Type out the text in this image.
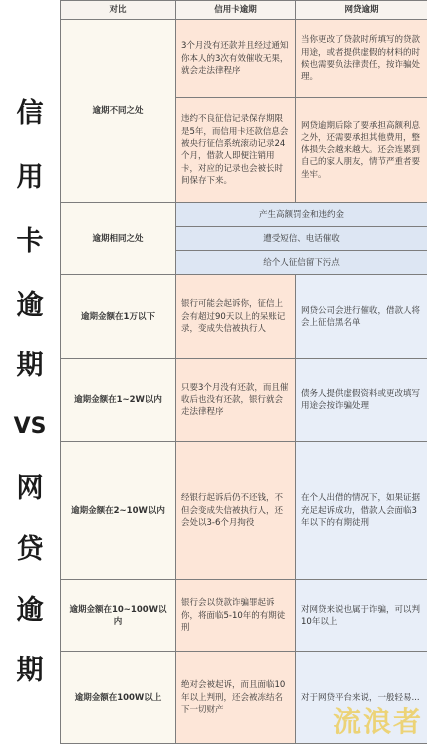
信
用
卡
逾
期
VS
网
贷
逾
期
对比	信用卡逾期	网贷逾期
逾期不同之处	3个月没有还款并且经过通知你本人的3次有效催收无果，就会走法律程序	当你更改了贷款时所填写的贷款用途，或者提供虚假的材料的时候也需要负法律责任，按诈骗处理。
	违约不良征信记录保存期限是5年，而信用卡还款信息会被央行征信系统滚动记录24个月，借款人即便注销用卡，对应的记录也会被长时间保存下来。	网贷逾期后除了要承担高额利息之外，还需要承担其他费用，整体损失会越来越大。还会连累到自己的家人朋友，情节严重者要坐牢。
逾期相同之处	产生高额罚金和违约金	
	遭受短信、电话催收	
	给个人征信留下污点	
逾期金额在1万以下	银行可能会起诉你，征信上会有超过90天以上的呆账记录，变成失信被执行人	网贷公司会进行催收，借款人将会上征信黑名单
逾期金额在1~2W以内	只要3个月没有还款，而且催收后也没有还款，银行就会走法律程序	债务人提供虚假资料或更改填写用途会按诈骗处理
逾期金额在2~10W以内	经银行起诉后仍不还钱，不但会变成失信被执行人，还会处以3-6个月拘役	在个人出借的情况下，如果证据充足起诉成功，借款人会面临3年以下的有期徒刑
逾期金额在10~100W以内	银行会以贷款诈骗罪起诉你，将面临5-10年的有期徒刑	对网贷来说也属于诈骗，可以判10年以上
逾期金额在100W以上	绝对会被起诉，而且面临10年以上判刑，还会被冻结名下一切财产	对于网贷平台来说，一般轻易...
流浪者
